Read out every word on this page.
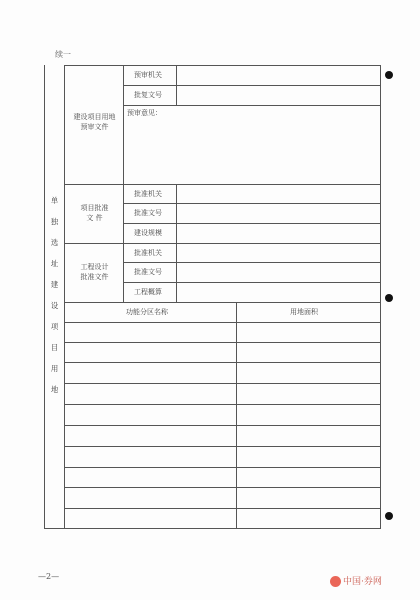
续一
单
独
选
址
建
设
项
目
用
地
建设项目用地
预审文件
预审机关
批复文号
预审意见：
项目批准
文 件
批准机关
批准文号
建设规模
工程设计
批准文件
批准机关
批准文号
工程概算
功能分区名称	用地面积
—2—
中国·券网
